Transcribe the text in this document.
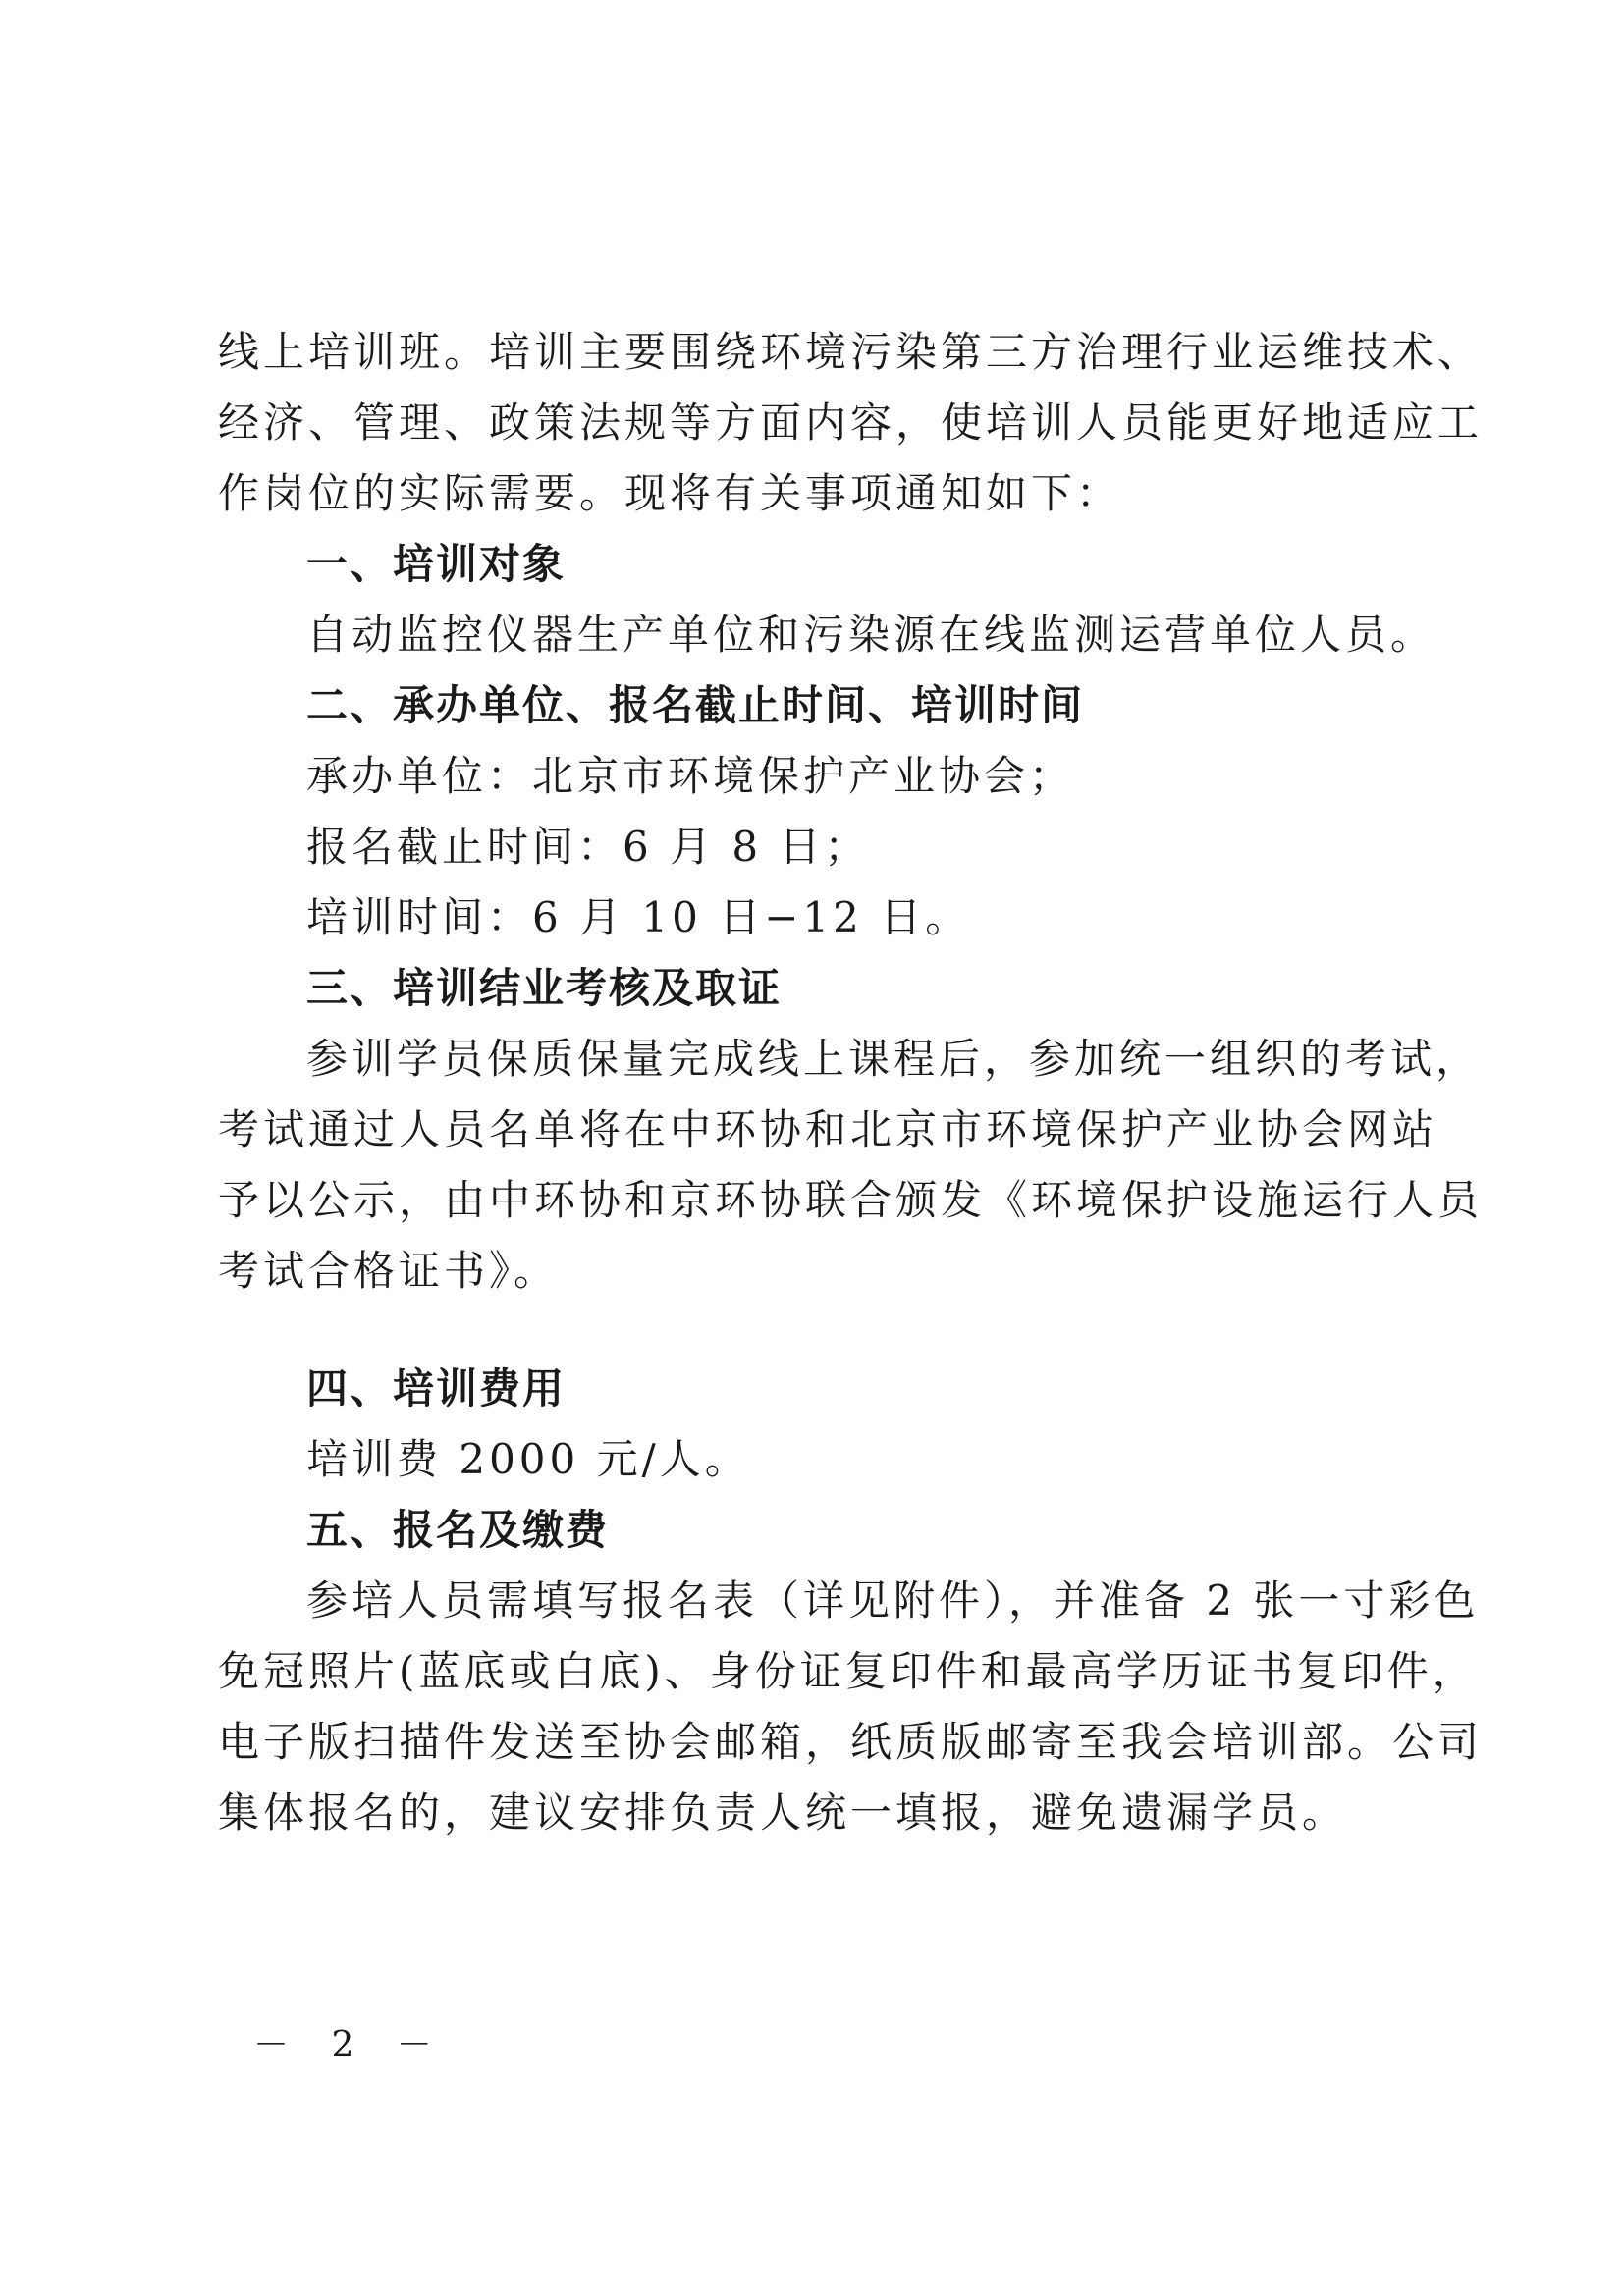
线上培训班。培训主要围绕环境污染第三方治理行业运维技术、
经济、管理、政策法规等方面内容，使培训人员能更好地适应工
作岗位的实际需要。现将有关事项通知如下：
一、培训对象
自动监控仪器生产单位和污染源在线监测运营单位人员。
二、承办单位、报名截止时间、培训时间
承办单位：北京市环境保护产业协会；
报名截止时间：6 月 8 日；
培训时间：6 月 10 日−12 日。
三、培训结业考核及取证
参训学员保质保量完成线上课程后，参加统一组织的考试，
考试通过人员名单将在中环协和北京市环境保护产业协会网站
予以公示，由中环协和京环协联合颁发《环境保护设施运行人员
考试合格证书》。
四、培训费用
培训费 2000 元/人。
五、报名及缴费
参培人员需填写报名表（详见附件），并准备 2 张一寸彩色
免冠照片(蓝底或白底)、身份证复印件和最高学历证书复印件，
电子版扫描件发送至协会邮箱，纸质版邮寄至我会培训部。公司
集体报名的，建议安排负责人统一填报，避免遗漏学员。
－ 2 －
